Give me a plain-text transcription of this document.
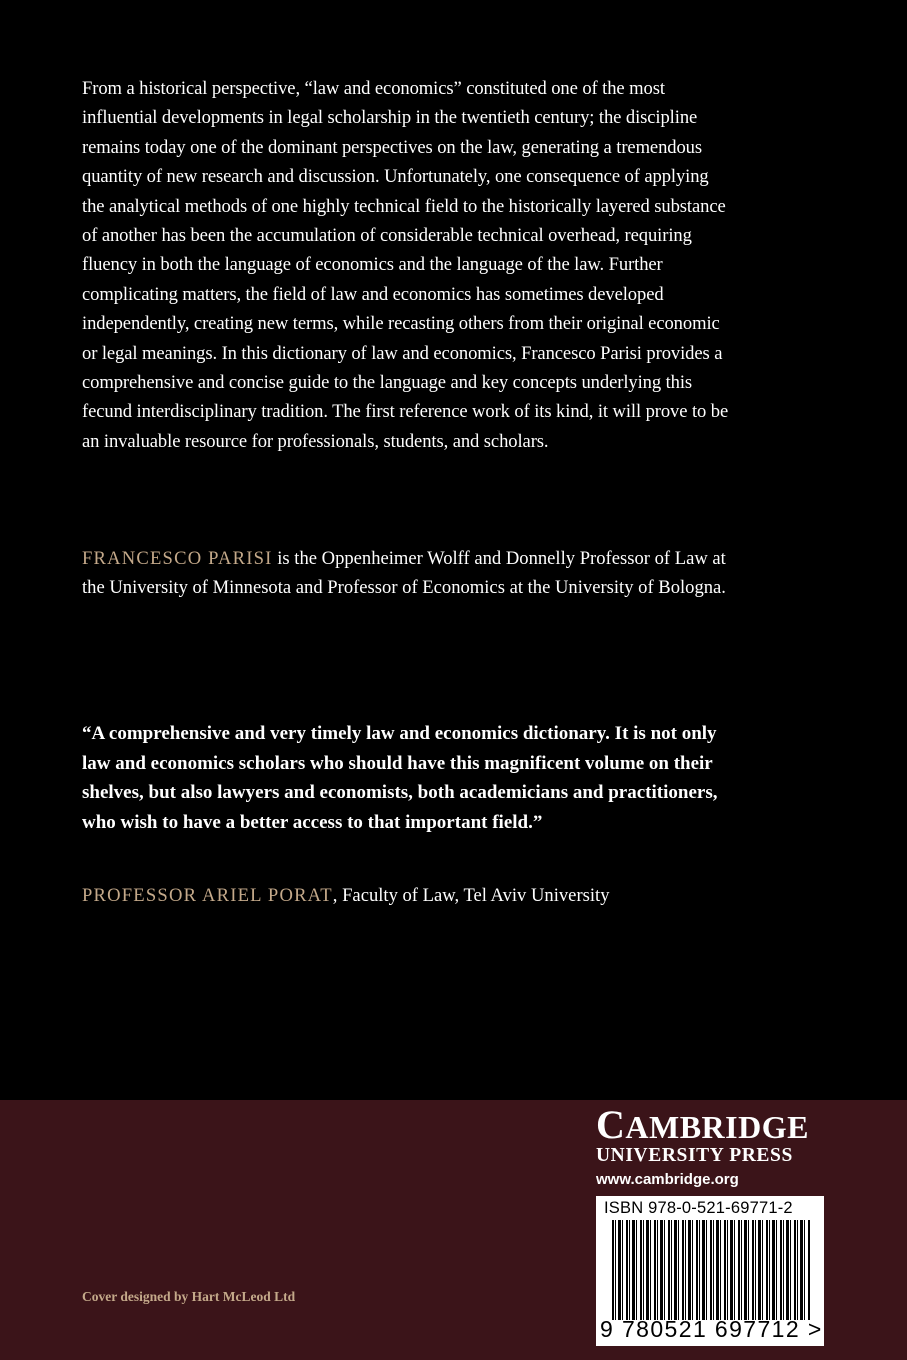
From a historical perspective, “law and economics” constituted one of the most influential developments in legal scholarship in the twentieth century; the discipline remains today one of the dominant perspectives on the law, generating a tremendous quantity of new research and discussion. Unfortunately, one consequence of applying the analytical methods of one highly technical field to the historically layered substance of another has been the accumulation of considerable technical overhead, requiring fluency in both the language of economics and the language of the law. Further complicating matters, the field of law and economics has sometimes developed independently, creating new terms, while recasting others from their original economic or legal meanings. In this dictionary of law and economics, Francesco Parisi provides a comprehensive and concise guide to the language and key concepts underlying this fecund interdisciplinary tradition. The first reference work of its kind, it will prove to be an invaluable resource for professionals, students, and scholars.

FRANCESCO PARISI is the Oppenheimer Wolff and Donnelly Professor of Law at the University of Minnesota and Professor of Economics at the University of Bologna.

“A comprehensive and very timely law and economics dictionary. It is not only law and economics scholars who should have this magnificent volume on their shelves, but also lawyers and economists, both academicians and practitioners, who wish to have a better access to that important field.”

PROFESSOR ARIEL PORAT, Faculty of Law, Tel Aviv University

CAMBRIDGE
UNIVERSITY PRESS
www.cambridge.org
ISBN 978-0-521-69771-2
9 780521 697712 >
Cover designed by Hart McLeod Ltd
